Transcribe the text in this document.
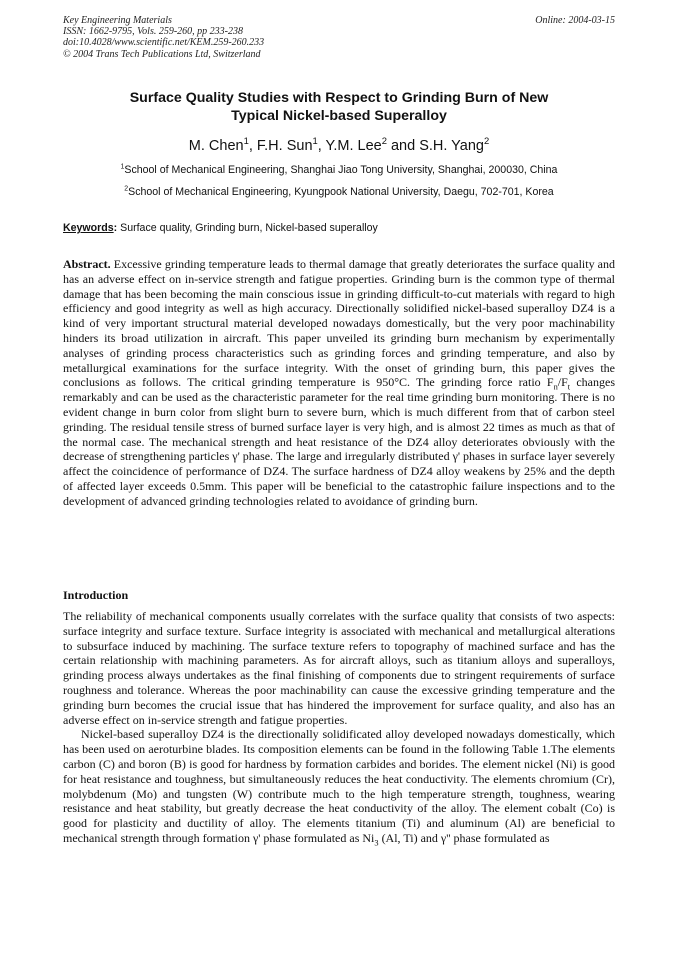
Key Engineering Materials
ISSN: 1662-9795, Vols. 259-260, pp 233-238
doi:10.4028/www.scientific.net/KEM.259-260.233
© 2004 Trans Tech Publications Ltd, Switzerland
Online: 2004-03-15
Surface Quality Studies with Respect to Grinding Burn of New
Typical Nickel-based Superalloy
M. Chen$^1$, F.H. Sun$^1$, Y.M. Lee$^2$ and S.H. Yang$^2$
$^1$School of Mechanical Engineering, Shanghai Jiao Tong University, Shanghai, 200030, China
$^2$School of Mechanical Engineering, Kyungpook National University, Daegu, 702-701, Korea
Keywords: Surface quality, Grinding burn, Nickel-based superalloy
Abstract. Excessive grinding temperature leads to thermal damage that greatly deteriorates the surface quality and has an adverse effect on in-service strength and fatigue properties. Grinding burn is the common type of thermal damage that has been becoming the main conscious issue in grinding difficult-to-cut materials with regard to high efficiency and good integrity as well as high accuracy. Directionally solidified nickel-based superalloy DZ4 is a kind of very important structural material developed nowadays domestically, but the very poor machinability hinders its broad utilization in aircraft. This paper unveiled its grinding burn mechanism by experimentally analyses of grinding process characteristics such as grinding forces and grinding temperature, and also by metallurgical examinations for the surface integrity. With the onset of grinding burn, this paper gives the conclusions as follows. The critical grinding temperature is 950°C. The grinding force ratio $F_n/F_t$ changes remarkably and can be used as the characteristic parameter for the real time grinding burn monitoring. There is no evident change in burn color from slight burn to severe burn, which is much different from that of carbon steel grinding. The residual tensile stress of burned surface layer is very high, and is almost 22 times as much as that of the normal case. The mechanical strength and heat resistance of the DZ4 alloy deteriorates obviously with the decrease of strengthening particles γ' phase. The large and irregularly distributed γ' phases in surface layer severely affect the coincidence of performance of DZ4. The surface hardness of DZ4 alloy weakens by 25% and the depth of affected layer exceeds 0.5mm. This paper will be beneficial to the catastrophic failure inspections and to the development of advanced grinding technologies related to avoidance of grinding burn.
Introduction

The reliability of mechanical components usually correlates with the surface quality that consists of two aspects: surface integrity and surface texture. Surface integrity is associated with mechanical and metallurgical alterations to subsurface induced by machining. The surface texture refers to topography of machined surface and has the certain relationship with machining parameters. As for aircraft alloys, such as titanium alloys and superalloys, grinding process always undertakes as the final finishing of components due to stringent requirements of surface roughness and tolerance. Whereas the poor machinability can cause the excessive grinding temperature and the grinding burn becomes the crucial issue that has hindered the improvement for surface quality, and also has an adverse effect on in-service strength and fatigue properties.

Nickel-based superalloy DZ4 is the directionally solidificated alloy developed nowadays domestically, which has been used on aeroturbine blades. Its composition elements can be found in the following Table 1.The elements carbon (C) and boron (B) is good for hardness by formation carbides and borides. The element nickel (Ni) is good for heat resistance and toughness, but simultaneously reduces the heat conductivity. The elements chromium (Cr), molybdenum (Mo) and tungsten (W) contribute much to the high temperature strength, toughness, wearing resistance and heat stability, but greatly decrease the heat conductivity of the alloy. The element cobalt (Co) is good for plasticity and ductility of alloy. The elements titanium (Ti) and aluminum (Al) are beneficial to mechanical strength through formation γ' phase formulated as $Ni_3$ (Al, Ti) and γ'' phase formulated as
